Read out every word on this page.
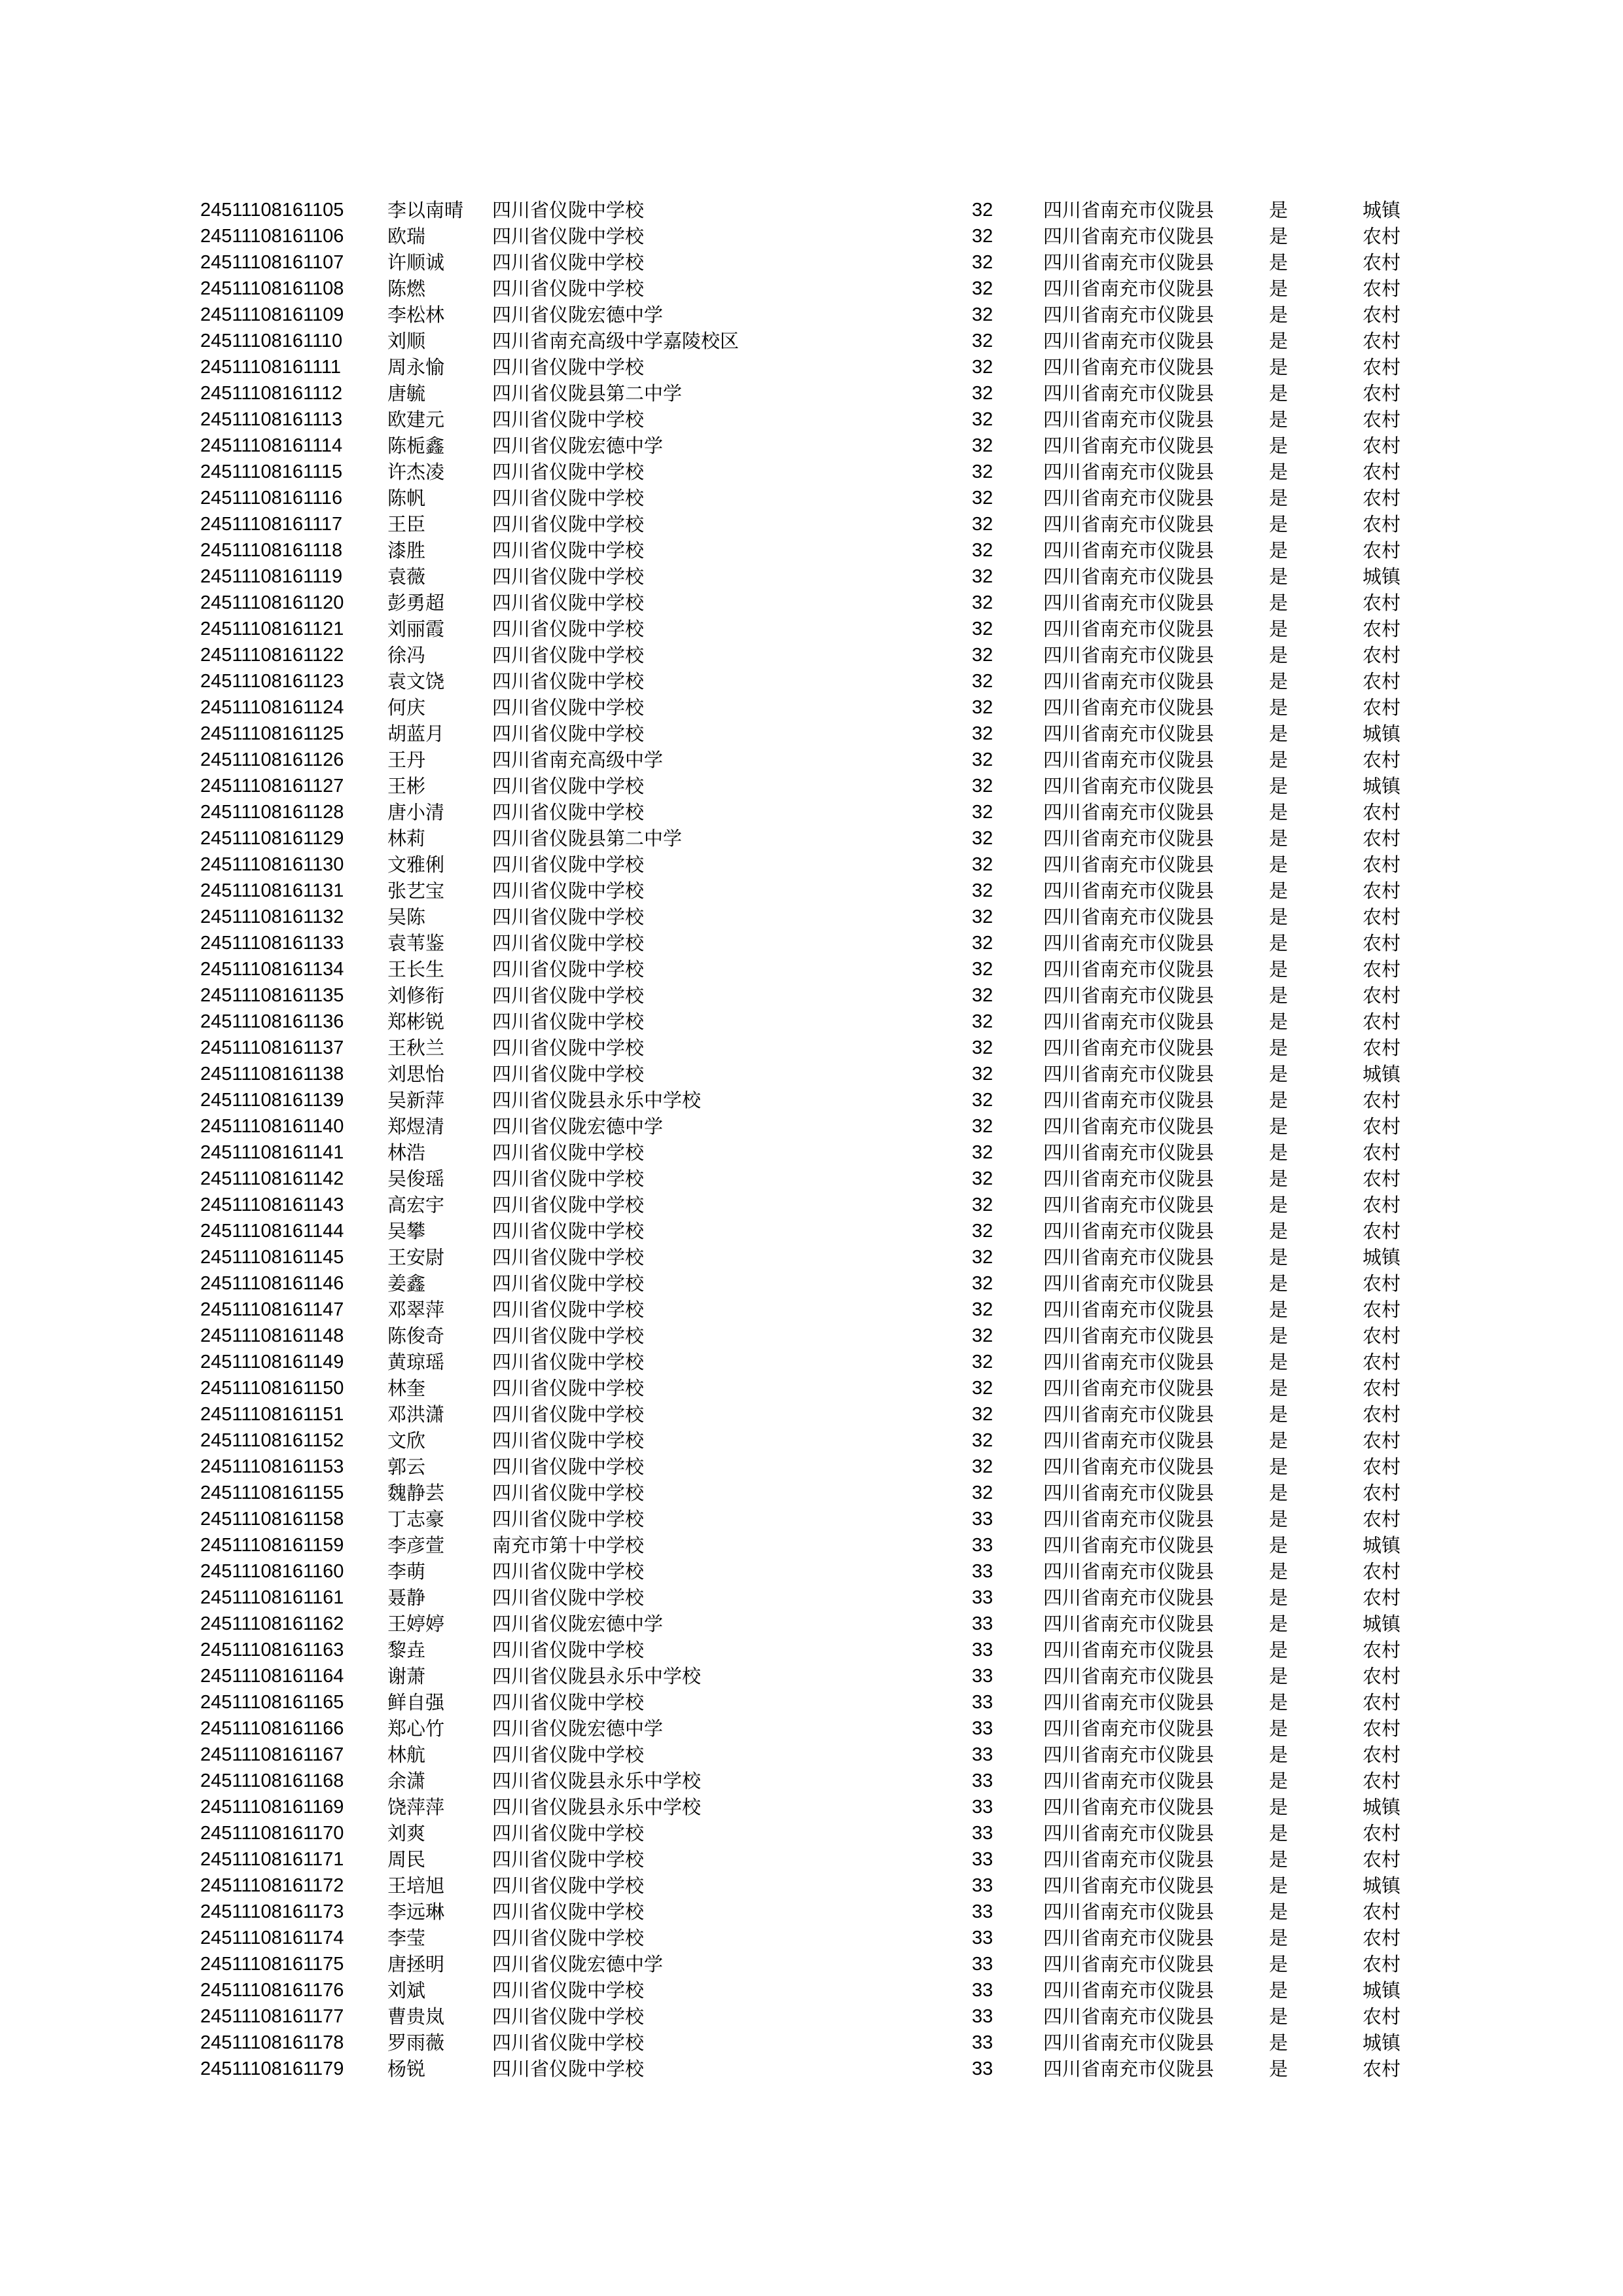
24511108161105 李以南晴 四川省仪陇中学校	32	四川省南充市仪陇县	是	城镇
24511108161106 欧瑞	四川省仪陇中学校	32	四川省南充市仪陇县	是	农村
24511108161107 许顺诚	四川省仪陇中学校	32	四川省南充市仪陇县	是	农村
24511108161108 陈燃	四川省仪陇中学校	32	四川省南充市仪陇县	是	农村
24511108161109 李松林	四川省仪陇宏德中学	32	四川省南充市仪陇县	是	农村
24511108161110 刘顺	四川省南充高级中学嘉陵校区	32	四川省南充市仪陇县	是	农村
24511108161111 周永愉	四川省仪陇中学校	32	四川省南充市仪陇县	是	农村
24511108161112 唐毓	四川省仪陇县第二中学	32	四川省南充市仪陇县	是	农村
24511108161113 欧建元	四川省仪陇中学校	32	四川省南充市仪陇县	是	农村
24511108161114 陈栀鑫	四川省仪陇宏德中学	32	四川省南充市仪陇县	是	农村
24511108161115 许杰凌	四川省仪陇中学校	32	四川省南充市仪陇县	是	农村
24511108161116 陈帆	四川省仪陇中学校	32	四川省南充市仪陇县	是	农村
24511108161117 王臣	四川省仪陇中学校	32	四川省南充市仪陇县	是	农村
24511108161118 漆胜	四川省仪陇中学校	32	四川省南充市仪陇县	是	农村
24511108161119 袁薇	四川省仪陇中学校	32	四川省南充市仪陇县	是	城镇
24511108161120 彭勇超	四川省仪陇中学校	32	四川省南充市仪陇县	是	农村
24511108161121 刘丽霞	四川省仪陇中学校	32	四川省南充市仪陇县	是	农村
24511108161122 徐冯	四川省仪陇中学校	32	四川省南充市仪陇县	是	农村
24511108161123 袁文饶	四川省仪陇中学校	32	四川省南充市仪陇县	是	农村
24511108161124 何庆	四川省仪陇中学校	32	四川省南充市仪陇县	是	农村
24511108161125 胡蓝月	四川省仪陇中学校	32	四川省南充市仪陇县	是	城镇
24511108161126 王丹	四川省南充高级中学	32	四川省南充市仪陇县	是	农村
24511108161127 王彬	四川省仪陇中学校	32	四川省南充市仪陇县	是	城镇
24511108161128 唐小清	四川省仪陇中学校	32	四川省南充市仪陇县	是	农村
24511108161129 林莉	四川省仪陇县第二中学	32	四川省南充市仪陇县	是	农村
24511108161130 文雅俐	四川省仪陇中学校	32	四川省南充市仪陇县	是	农村
24511108161131 张艺宝	四川省仪陇中学校	32	四川省南充市仪陇县	是	农村
24511108161132 吴陈	四川省仪陇中学校	32	四川省南充市仪陇县	是	农村
24511108161133 袁苇鉴	四川省仪陇中学校	32	四川省南充市仪陇县	是	农村
24511108161134 王长生	四川省仪陇中学校	32	四川省南充市仪陇县	是	农村
24511108161135 刘修衔	四川省仪陇中学校	32	四川省南充市仪陇县	是	农村
24511108161136 郑彬锐	四川省仪陇中学校	32	四川省南充市仪陇县	是	农村
24511108161137 王秋兰	四川省仪陇中学校	32	四川省南充市仪陇县	是	农村
24511108161138 刘思怡	四川省仪陇中学校	32	四川省南充市仪陇县	是	城镇
24511108161139 吴新萍	四川省仪陇县永乐中学校	32	四川省南充市仪陇县	是	农村
24511108161140 郑煜清	四川省仪陇宏德中学	32	四川省南充市仪陇县	是	农村
24511108161141 林浩	四川省仪陇中学校	32	四川省南充市仪陇县	是	农村
24511108161142 吴俊瑶	四川省仪陇中学校	32	四川省南充市仪陇县	是	农村
24511108161143 高宏宇	四川省仪陇中学校	32	四川省南充市仪陇县	是	农村
24511108161144 吴攀	四川省仪陇中学校	32	四川省南充市仪陇县	是	农村
24511108161145 王安尉	四川省仪陇中学校	32	四川省南充市仪陇县	是	城镇
24511108161146 姜鑫	四川省仪陇中学校	32	四川省南充市仪陇县	是	农村
24511108161147 邓翠萍	四川省仪陇中学校	32	四川省南充市仪陇县	是	农村
24511108161148 陈俊奇	四川省仪陇中学校	32	四川省南充市仪陇县	是	农村
24511108161149 黄琼瑶	四川省仪陇中学校	32	四川省南充市仪陇县	是	农村
24511108161150 林奎	四川省仪陇中学校	32	四川省南充市仪陇县	是	农村
24511108161151 邓洪潇	四川省仪陇中学校	32	四川省南充市仪陇县	是	农村
24511108161152 文欣	四川省仪陇中学校	32	四川省南充市仪陇县	是	农村
24511108161153 郭云	四川省仪陇中学校	32	四川省南充市仪陇县	是	农村
24511108161155 魏静芸	四川省仪陇中学校	32	四川省南充市仪陇县	是	农村
24511108161158 丁志豪	四川省仪陇中学校	33	四川省南充市仪陇县	是	农村
24511108161159 李彦萱	南充市第十中学校	33	四川省南充市仪陇县	是	城镇
24511108161160 李萌	四川省仪陇中学校	33	四川省南充市仪陇县	是	农村
24511108161161 聂静	四川省仪陇中学校	33	四川省南充市仪陇县	是	农村
24511108161162 王婷婷	四川省仪陇宏德中学	33	四川省南充市仪陇县	是	城镇
24511108161163 黎垚	四川省仪陇中学校	33	四川省南充市仪陇县	是	农村
24511108161164 谢萧	四川省仪陇县永乐中学校	33	四川省南充市仪陇县	是	农村
24511108161165 鲜自强	四川省仪陇中学校	33	四川省南充市仪陇县	是	农村
24511108161166 郑心竹	四川省仪陇宏德中学	33	四川省南充市仪陇县	是	农村
24511108161167 林航	四川省仪陇中学校	33	四川省南充市仪陇县	是	农村
24511108161168 余潇	四川省仪陇县永乐中学校	33	四川省南充市仪陇县	是	农村
24511108161169 饶萍萍	四川省仪陇县永乐中学校	33	四川省南充市仪陇县	是	城镇
24511108161170 刘爽	四川省仪陇中学校	33	四川省南充市仪陇县	是	农村
24511108161171 周民	四川省仪陇中学校	33	四川省南充市仪陇县	是	农村
24511108161172 王培旭	四川省仪陇中学校	33	四川省南充市仪陇县	是	城镇
24511108161173 李远琳	四川省仪陇中学校	33	四川省南充市仪陇县	是	农村
24511108161174 李莹	四川省仪陇中学校	33	四川省南充市仪陇县	是	农村
24511108161175 唐拯明	四川省仪陇宏德中学	33	四川省南充市仪陇县	是	农村
24511108161176 刘斌	四川省仪陇中学校	33	四川省南充市仪陇县	是	城镇
24511108161177 曹贵岚	四川省仪陇中学校	33	四川省南充市仪陇县	是	农村
24511108161178 罗雨薇	四川省仪陇中学校	33	四川省南充市仪陇县	是	城镇
24511108161179 杨锐	四川省仪陇中学校	33	四川省南充市仪陇县	是	农村
